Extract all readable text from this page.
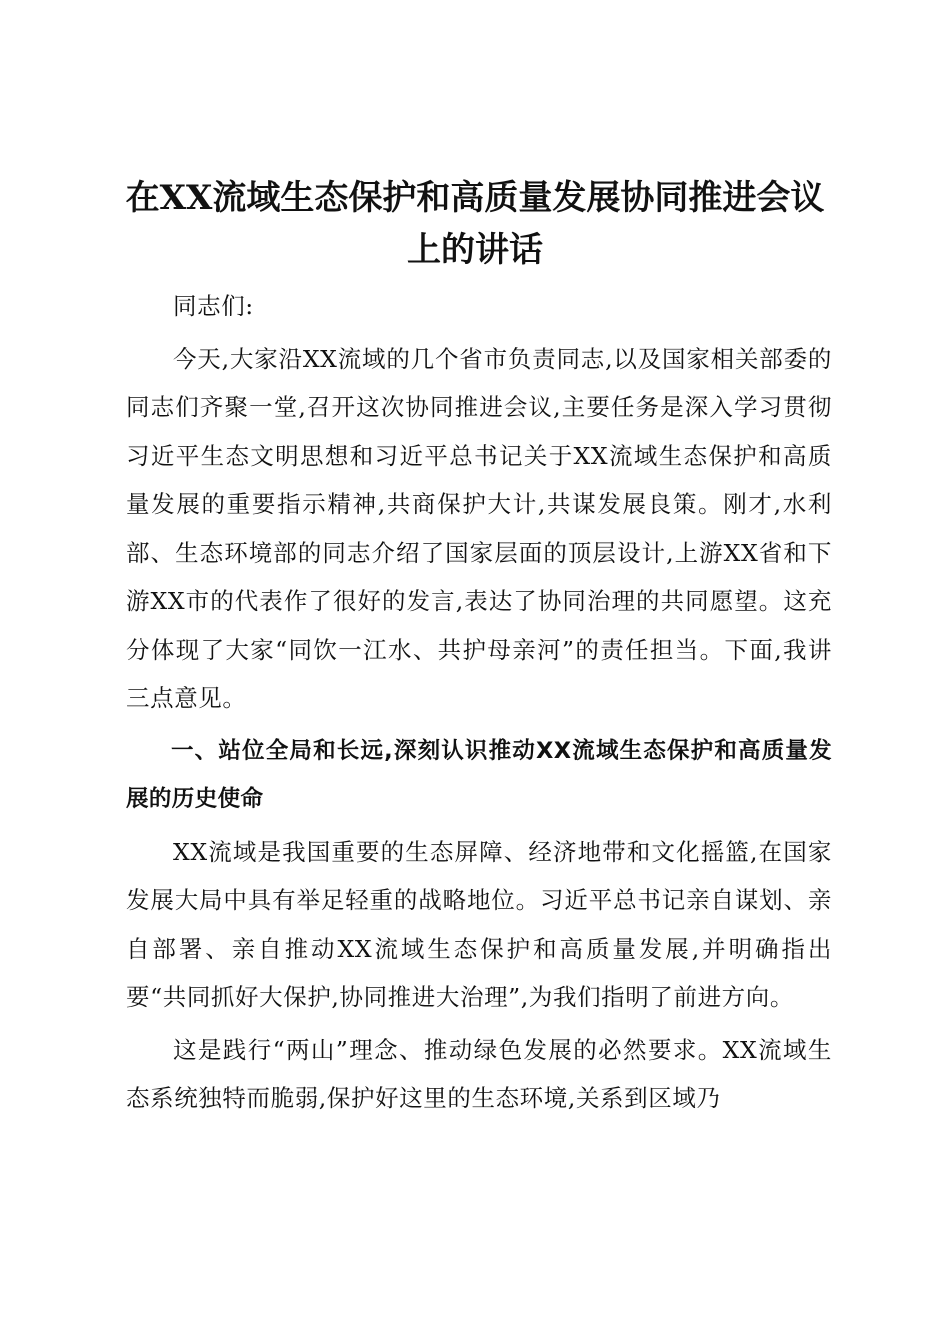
在XX流域生态保护和高质量发展协同推进会议上的讲话

同志们:

今天,大家沿XX流域的几个省市负责同志,以及国家相关部委的同志们齐聚一堂,召开这次协同推进会议,主要任务是深入学习贯彻习近平生态文明思想和习近平总书记关于XX流域生态保护和高质量发展的重要指示精神,共商保护大计,共谋发展良策。刚才,水利部、生态环境部的同志介绍了国家层面的顶层设计,上游XX省和下游XX市的代表作了很好的发言,表达了协同治理的共同愿望。这充分体现了大家“同饮一江水、共护母亲河”的责任担当。下面,我讲三点意见。

一、站位全局和长远,深刻认识推动XX流域生态保护和高质量发展的历史使命

XX流域是我国重要的生态屏障、经济地带和文化摇篮,在国家发展大局中具有举足轻重的战略地位。习近平总书记亲自谋划、亲自部署、亲自推动XX流域生态保护和高质量发展,并明确指出要“共同抓好大保护,协同推进大治理”,为我们指明了前进方向。

这是践行“两山”理念、推动绿色发展的必然要求。XX流域生态系统独特而脆弱,保护好这里的生态环境,关系到区域乃
